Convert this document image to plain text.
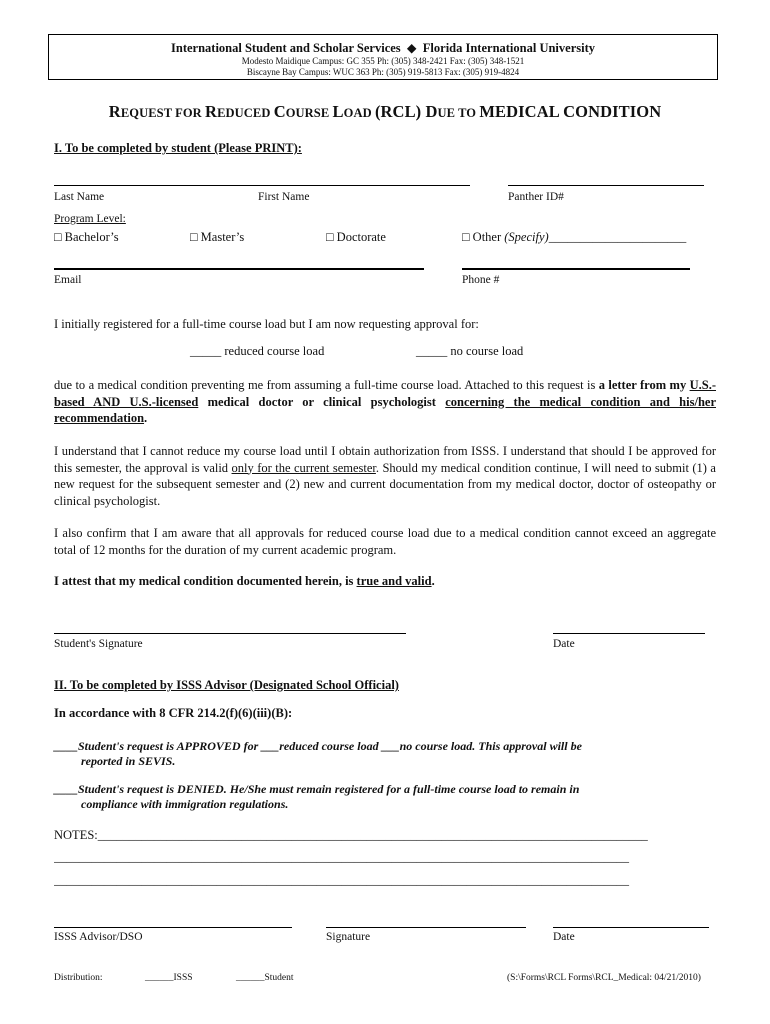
International Student and Scholar Services ◆ Florida International University
Modesto Maidique Campus: GC 355 Ph: (305) 348-2421 Fax: (305) 348-1521
Biscayne Bay Campus: WUC 363 Ph: (305) 919-5813 Fax: (305) 919-4824
REQUEST FOR REDUCED COURSE LOAD (RCL) DUE TO MEDICAL CONDITION
I. To be completed by student (Please PRINT):
Last Name	First Name	Panther ID#
Program Level:
□ Bachelor’s	□ Master’s	□ Doctorate	□ Other (Specify)______________________
Email	Phone #
I initially registered for a full-time course load but I am now requesting approval for:
_____ reduced course load	_____ no course load
due to a medical condition preventing me from assuming a full-time course load. Attached to this request is a letter from my U.S.-based AND U.S.-licensed medical doctor or clinical psychologist concerning the medical condition and his/her recommendation.
I understand that I cannot reduce my course load until I obtain authorization from ISSS. I understand that should I be approved for this semester, the approval is valid only for the current semester. Should my medical condition continue, I will need to submit (1) a new request for the subsequent semester and (2) new and current documentation from my medical doctor, doctor of osteopathy or clinical psychologist.
I also confirm that I am aware that all approvals for reduced course load due to a medical condition cannot exceed an aggregate total of 12 months for the duration of my current academic program.
I attest that my medical condition documented herein, is true and valid.
Student's Signature	Date
II. To be completed by ISSS Advisor (Designated School Official)
In accordance with 8 CFR 214.2(f)(6)(iii)(B):
____Student's request is APPROVED for ___reduced course load ___no course load. This approval will be
reported in SEVIS.
____Student's request is DENIED. He/She must remain registered for a full-time course load to remain in
compliance with immigration regulations.
NOTES:________________________________________________________________________________________
____________________________________________________________________________________________
____________________________________________________________________________________________
ISSS Advisor/DSO	Signature	Date
Distribution:	______ISSS	______Student	(S:\Forms\RCL Forms\RCL_Medical: 04/21/2010)
